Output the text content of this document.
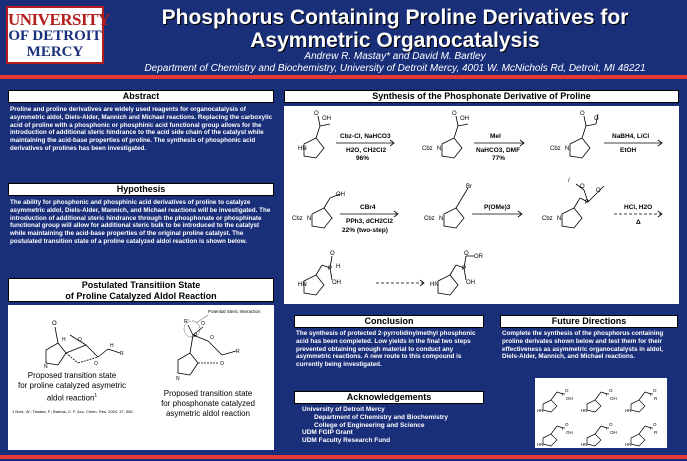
UNIVERSITY
OF DETROIT
MERCY
Phosphorus Containing Proline Derivatives for
Asymmetric Organocatalysis
Andrew R. Mastay* and David M. Bartley
Department of Chemistry and Biochemistry, University of Detroit Mercy, 4001 W. McNichols Rd, Detroit, MI 48221
Abstract
Proline and proline derivatives are widely used reagents for organocatalysis of asymmetric aldol, Diels-Alder, Mannich and Michael reactions. Replacing the carboxylic acid of proline with a phosphonic or phosphinic acid functional group allows for the introduction of additional steric hindrance to the acid side chain of the catalyst while maintaining the acid-base properties of proline. The synthesis of phosphonic acid derivatives of prolines has been investigated.
Hypothesis
The ability for phosphonic and phosphinic acid derivatives of proline to catalyze asymmetric aldol, Diels-Alder, Mannich, and Michael reactions will be investigated. The introduction of additional steric hindrance through the phosphonate or phosphinate functional group will allow for additional steric bulk to be introduced to the catalyst while maintaining the acid-base properties of the original proline catalyst. The postulated transition state of a proline catalyzed aldol reaction is shown below.
Postulated Transitiion State
of Proline Catalyzed Aldol Reaction
O
H O
O
H
R
N
R' O
P	O
O
R
N
Potential Steric Interaction
Proposed transition state
for proline catalyzed asymetric
aldol reaction$^1$	Proposed transition state
for phosphonate catalyzed
asymetric aldol reaction
1 Notz, W.; Tanaka, F.; Barbas, C. F. Acc. Chem. Res. 2004, 37, 580.
Synthesis of the Phosphonate Derivative of Proline
HN
OH
O
Cbz N
OH
O
Cbz N
O
O
Cbz N
OH
Cbz N
Br
Cbz N
P
O
O
/
HN
P
O
H
OH	HN
P
O OR
OH
Cbz-Cl, NaHCO3
H2O, CH2Cl2
96%
MeI
NaHCO3, DMF
77%
NaBH4, LiCl
EtOH
CBr4
PPh3, dCH2Cl2
22% (two-step)
P(OMe)3	HCl, H2O
Δ
Conclusion
The synthesis of protected 2-pyrrolidinylmethyl phosphonic acid has been completed. Low yields in the final two steps prevented obtaining enough material to conduct any asymmetric reactions. A new route to this compound is currently being investigated.
Acknowledgements
University of Detroit Mercy
Department of Chemistry and Biochemistry
College of Engineering and Science
UDM FGIP Grant
UDM Faculty Research Fund
Future Directions
Complete the synthesis of the phosphorus containing proline derivates shown below and test them for their effectiveness as asymmetric organocatalysts in aldol, Diels-Alder, Mannich, and Michael reactions.
HN
P
O
OH
HN
P
O
OH
HN
P
O
R
HN
P
O
OH
HN
P
O
OH
HN
P
O
R
